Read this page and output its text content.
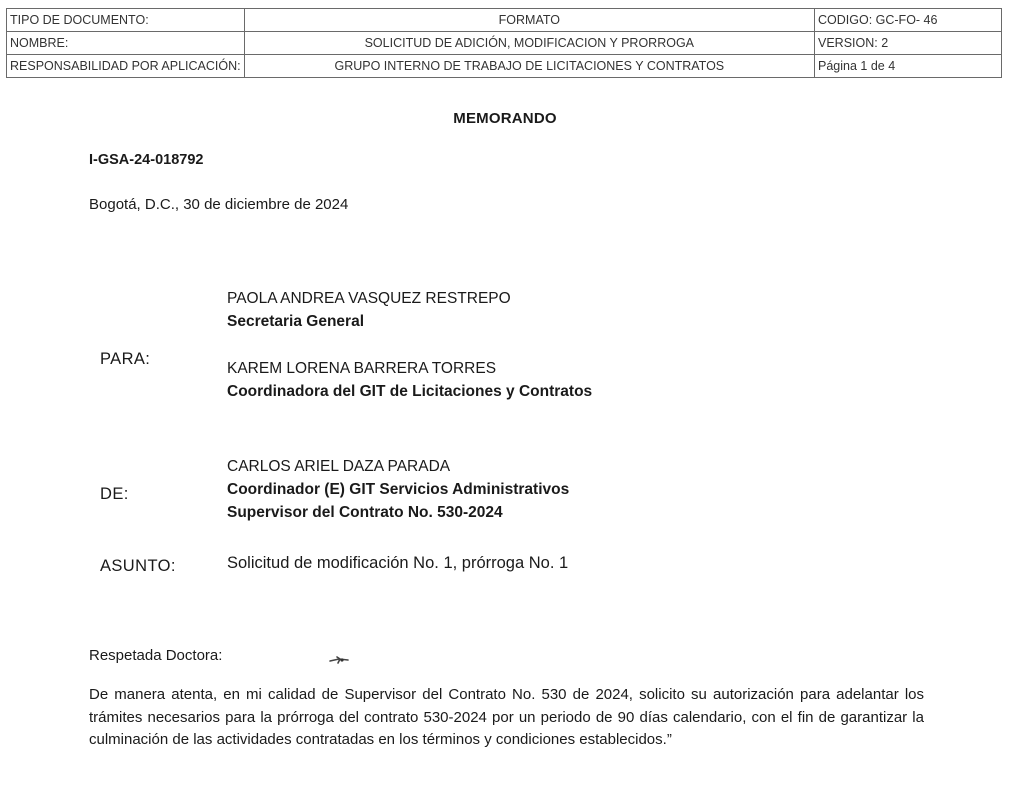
TIPO DE DOCUMENTO:	FORMATO	CODIGO: GC-FO- 46
NOMBRE:	SOLICITUD DE ADICIÓN, MODIFICACION Y PRORROGA	VERSION: 2
RESPONSABILIDAD POR APLICACIÓN:	GRUPO INTERNO DE TRABAJO DE LICITACIONES Y CONTRATOS	Página 1 de 4
MEMORANDO
I-GSA-24-018792
Bogotá, D.C., 30 de diciembre de 2024
PARA:
PAOLA ANDREA VASQUEZ RESTREPO
Secretaria General
KAREM LORENA BARRERA TORRES
Coordinadora del GIT de Licitaciones y Contratos
DE:
CARLOS ARIEL DAZA PARADA
Coordinador (E) GIT Servicios Administrativos
Supervisor del Contrato No. 530-2024
ASUNTO:	Solicitud de modificación No. 1, prórroga No. 1
Respetada Doctora:
De manera atenta, en mi calidad de Supervisor del Contrato No. 530 de 2024, solicito su autorización para adelantar los trámites necesarios para la prórroga del contrato 530-2024 por un periodo de 90 días calendario, con el fin de garantizar la culminación de las actividades contratadas en los términos y condiciones establecidos.”
